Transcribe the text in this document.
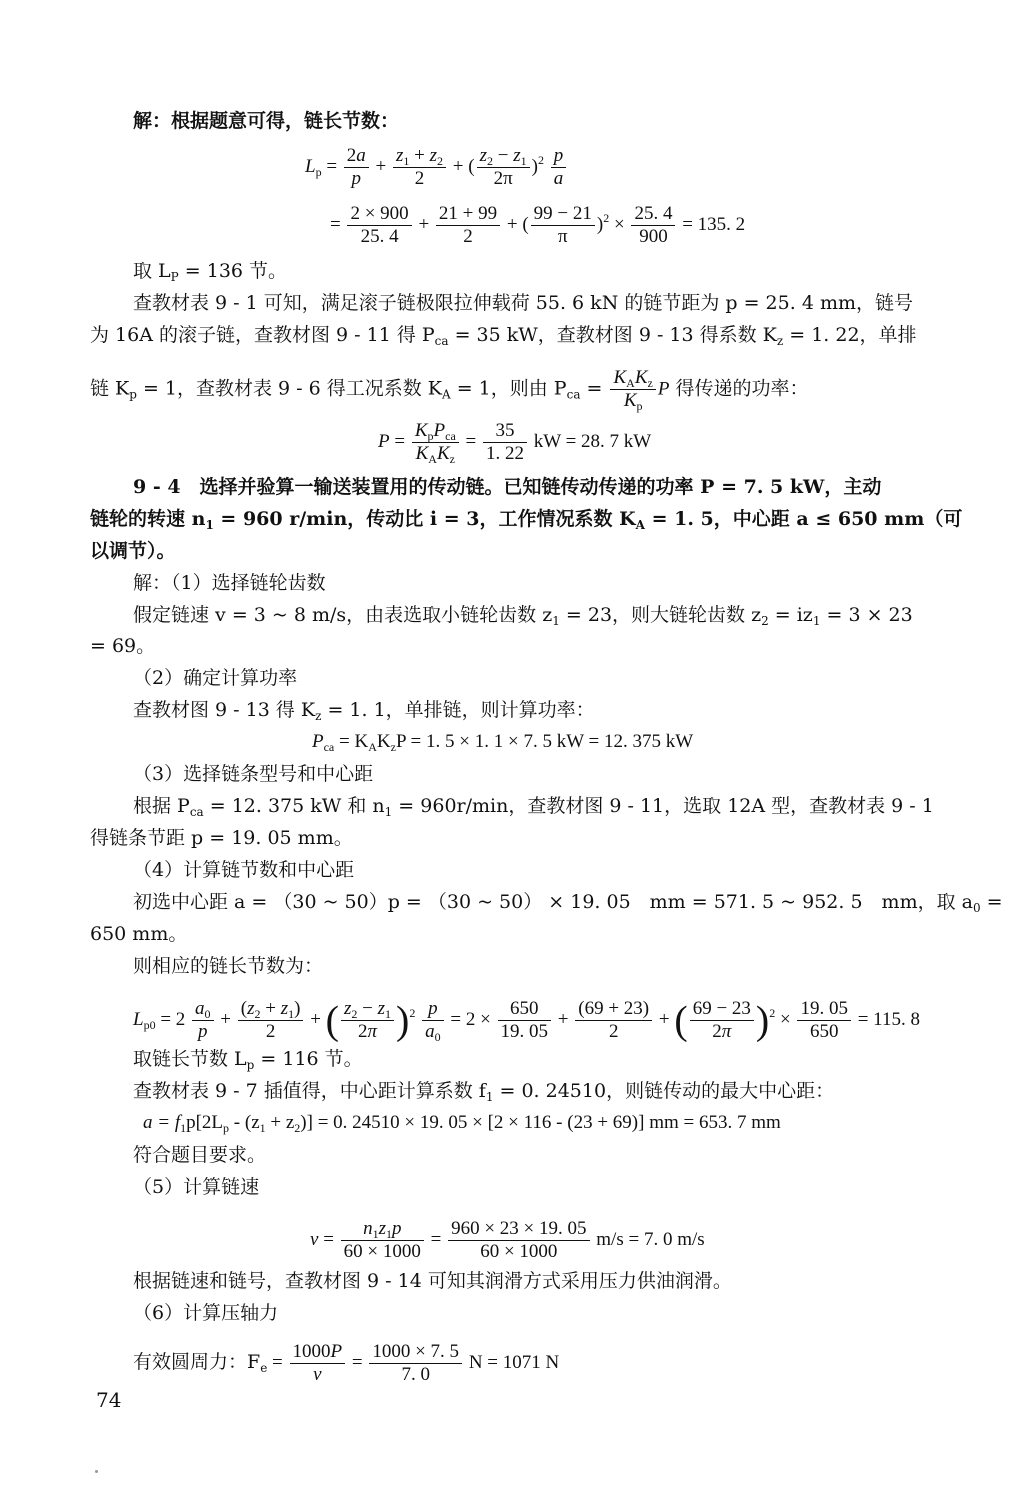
解：根据题意可得，链长节数：
$L_p = \frac{2a}{p} + \frac{z_1 + z_2}{2}$ + ( $\frac{z_2 - z_1}{2\pi} )^2 \frac{p}{a}$
= $\frac{2 \times 900}{25. 4} + \frac{21 + 99}{2}$ + ( $\frac{99 - 21}{\pi} )^2 \times \frac{25. 4}{900} = 135$. 2
取 $L_P = 136$ 节。
查教材表 9 - 1 可知，满足滚子链极限拉伸载荷 55. 6 kN 的链节距为 p = 25. 4 mm，链号
为 16A 的滚子链，查教材图 9 - 11 得 $P_{ca} = 35$ kW，查教材图 9 - 13 得系数 $K_z = 1$. 22，单排
链 $K_p = 1$，查教材表 9 - 6 得工况系数 $K_A = 1$，则由 $P_{ca} = \frac{K_AK_z}{K_p}$ P 得传递的功率：
$P = \frac{K_pP_{ca}}{K_AK_z} = \frac{35}{1. 22}$ kW = 28. 7 kW
9 - 4　选择并验算一输送装置用的传动链。已知链传动传递的功率 P = 7. 5 kW，主动
链轮的转速 $n_1 = 960$ r/min，传动比 i = 3，工作情况系数 $K_A = 1$. 5，中心距 a ≤ 650 mm（可
以调节）。
解：（1）选择链轮齿数
假定链速 v = 3 ~ 8 m/s，由表选取小链轮齿数 $z_1 = 23$，则大链轮齿数 $z_2 = iz_1 = 3 \times 23$
= 69。
（2）确定计算功率
查教材图 9 - 13 得 $K_z = 1$. 1，单排链，则计算功率：
$P_{ca} = K_AK_zP = 1$. 5 × 1. 1 × 7. 5 kW = 12. 375 kW
（3）选择链条型号和中心距
根据 $P_{ca} = 12$. 375 kW 和 $n_1 = 960r/\min$，查教材图 9 - 11，选取 12A 型，查教材表 9 - 1
得链条节距 p = 19. 05 mm。
（4）计算链节数和中心距
初选中心距 a = （30 ~ 50）p = （30 ~ 50） × 19. 05　mm = 571. 5 ~ 952. 5　mm，取 $a_0$ =
650 mm。
则相应的链长节数为：
$L_{p0} = 2 \frac{a_0}{p} + \frac{(z_2 + z_1)}{2}$ + ( $\frac{z_2 - z_1}{2\pi} )^2 \frac{p}{a_0} = 2 \times \frac{650}{19. 05} + \frac{(69 + 23)}{2}$ + ( $\frac{69 - 23}{2\pi} )^2 \times \frac{19. 05}{650} = 115$. 8
取链长节数 $L_p = 116$ 节。
查教材表 9 - 7 插值得，中心距计算系数 $f_1 = 0$. 24510，则链传动的最大中心距：
$a = f_1p[2L_p - (z_1 + z_2)] = 0$. 24510 × 19. 05 × [2 × 116 - (23 + 69)] mm = 653. 7 mm
符合题目要求。
（5）计算链速
$v = \frac{n_1z_1p}{60 \times 1000} = \frac{960 \times 23 \times 19. 05}{60 \times 1000} m/s = 7$. 0 m/s
根据链速和链号，查教材图 9 - 14 可知其润滑方式采用压力供油润滑。
（6）计算压轴力
有效圆周力：$F_e = \frac{1000P}{v} = \frac{1000 \times 7. 5}{7. 0}$ N = 1071 N
74
